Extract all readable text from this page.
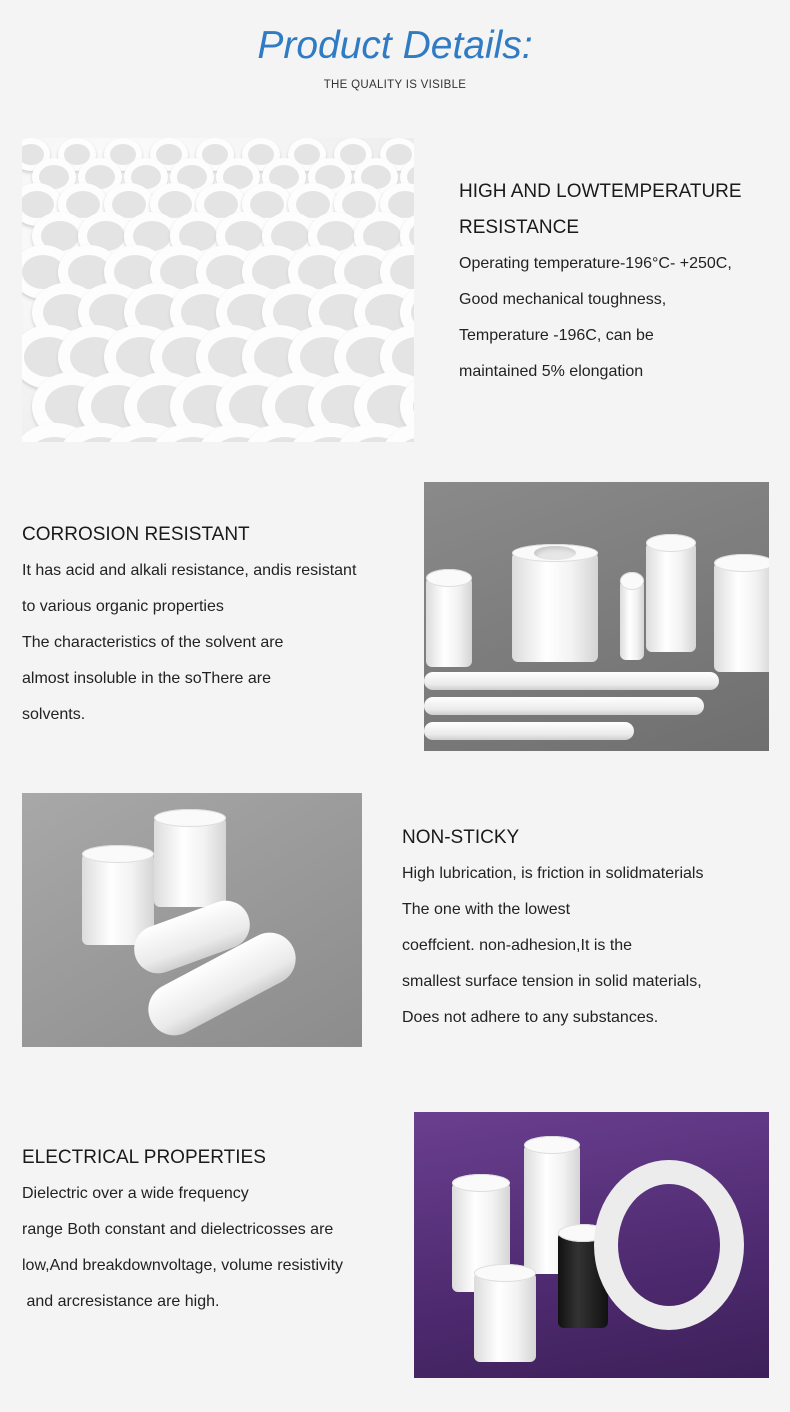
Product Details:
THE QUALITY IS VISIBLE
HIGH AND LOWTEMPERATURE
RESISTANCE

Operating temperature-196°C- +250C,

Good mechanical toughness,

Temperature -196C, can be

maintained 5% elongation

CORROSION RESISTANT

It has acid and alkali resistance, andis resistant

to various organic properties

The characteristics of the solvent are

almost insoluble in the soThere are

solvents.

NON-STICKY

High lubrication, is friction in solidmaterials

The one with the lowest

coeffcient. non-adhesion,It is the

smallest surface tension in solid materials,

Does not adhere to any substances.

ELECTRICAL PROPERTIES

Dielectric over a wide frequency

range Both constant and dielectricosses are

low,And breakdownvoltage, volume resistivity

and arcresistance are high.
